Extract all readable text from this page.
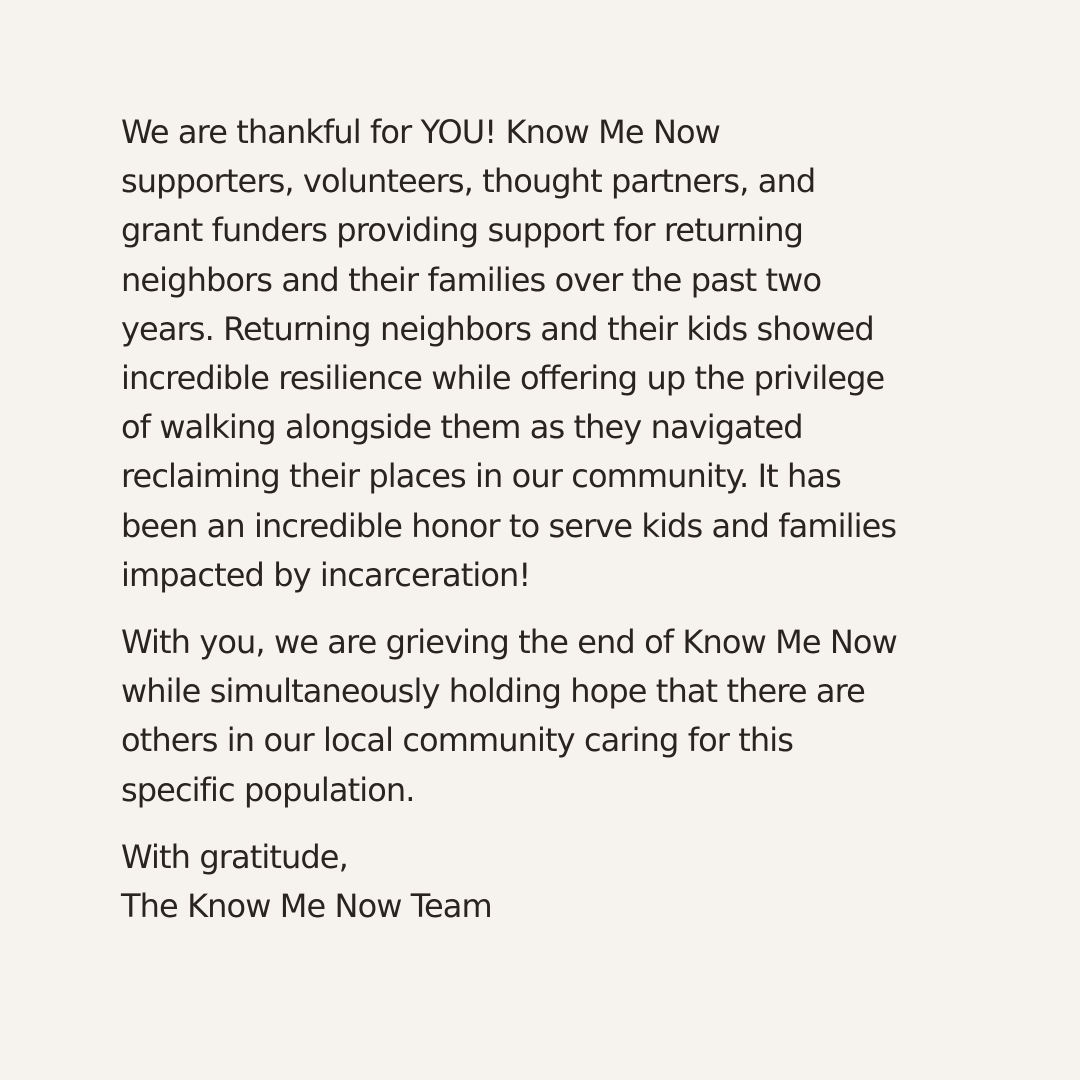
We are thankful for YOU! Know Me Now
supporters, volunteers, thought partners, and
grant funders providing support for returning
neighbors and their families over the past two
years. Returning neighbors and their kids showed
incredible resilience while offering up the privilege
of walking alongside them as they navigated
reclaiming their places in our community. It has
been an incredible honor to serve kids and families
impacted by incarceration!

With you, we are grieving the end of Know Me Now
while simultaneously holding hope that there are
others in our local community caring for this
specific population.

With gratitude,
The Know Me Now Team
